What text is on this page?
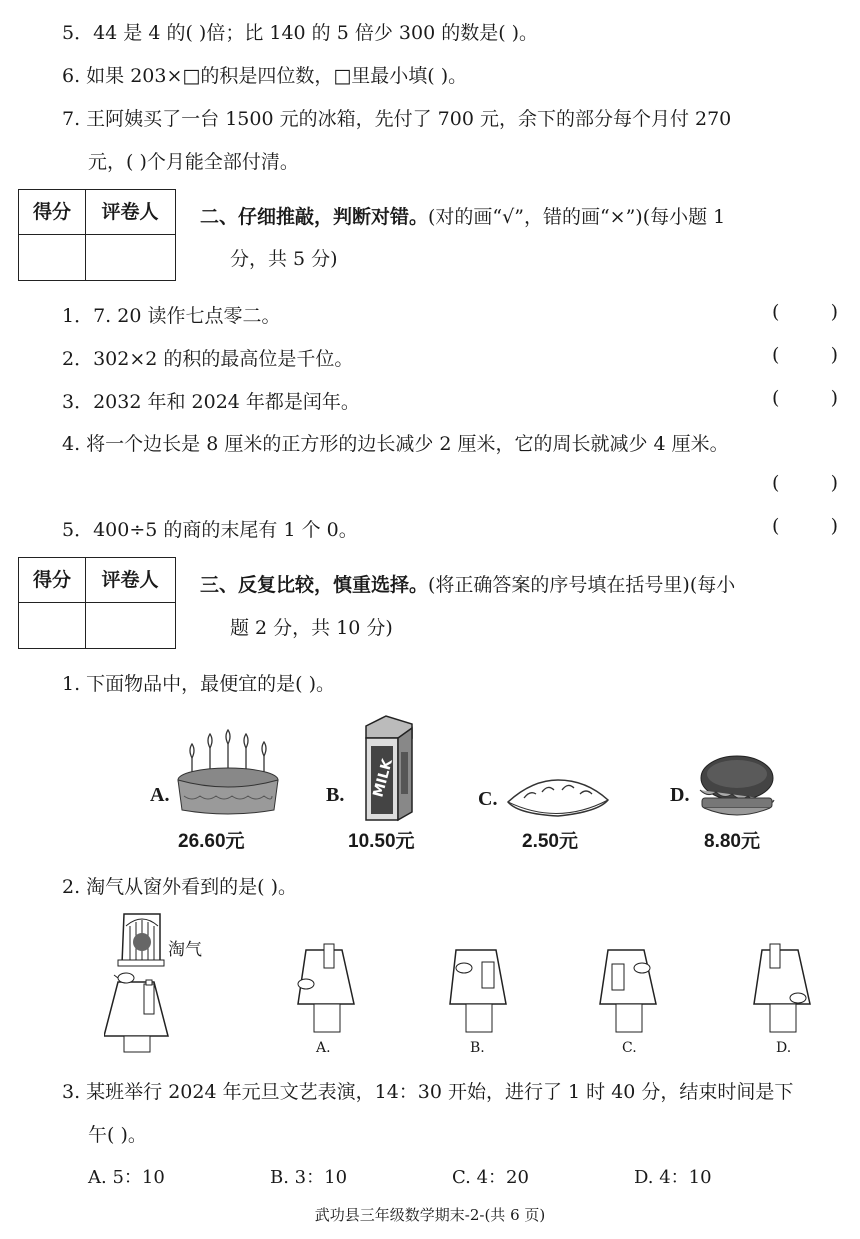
5．44 是 4 的( )倍；比 140 的 5 倍少 300 的数是( )。
6. 如果 203×□的积是四位数，□里最小填( )。
7. 王阿姨买了一台 1500 元的冰箱，先付了 700 元，余下的部分每个月付 270
元，( )个月能全部付清。
得分	评卷人	二、仔细推敲，判断对错。(对的画“√”，错的画“×”)(每小题 1
分，共 5 分)
1．7. 20 读作七点零二。	(	)
2．302×2 的积的最高位是千位。	(	)
3．2032 年和 2024 年都是闰年。	(	)
4. 将一个边长是 8 厘米的正方形的边长减少 2 厘米，它的周长就减少 4 厘米。
(	)
5．400÷5 的商的末尾有 1 个 0。	(	)
得分	评卷人	三、反复比较，慎重选择。(将正确答案的序号填在括号里)(每小
题 2 分，共 10 分)
1. 下面物品中，最便宜的是( )。
A.
26.60元
B. MILK
10.50元
C.
2.50元
D.
8.80元
2. 淘气从窗外看到的是( )。
淘气
A.	B.	C.	D.
3. 某班举行 2024 年元旦文艺表演，14：30 开始，进行了 1 时 40 分，结束时间是下
午( )。
A. 5：10	B. 3：10	C. 4：20	D. 4：10
武功县三年级数学期末-2-(共 6 页)
